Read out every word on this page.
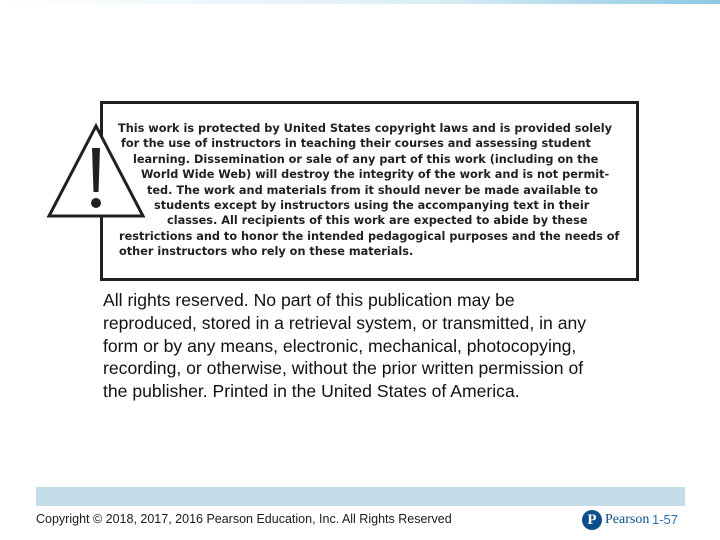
This work is protected by United States copyright laws and is provided solely
for the use of instructors in teaching their courses and assessing student
learning. Dissemination or sale of any part of this work (including on the
World Wide Web) will destroy the integrity of the work and is not permit-
ted. The work and materials from it should never be made available to
students except by instructors using the accompanying text in their
classes. All recipients of this work are expected to abide by these
restrictions and to honor the intended pedagogical purposes and the needs of
other instructors who rely on these materials.
All rights reserved. No part of this publication may be
reproduced, stored in a retrieval system, or transmitted, in any
form or by any means, electronic, mechanical, photocopying,
recording, or otherwise, without the prior written permission of
the publisher. Printed in the United States of America.
Copyright © 2018, 2017, 2016 Pearson Education, Inc. All Rights Reserved	P Pearson 1-57
